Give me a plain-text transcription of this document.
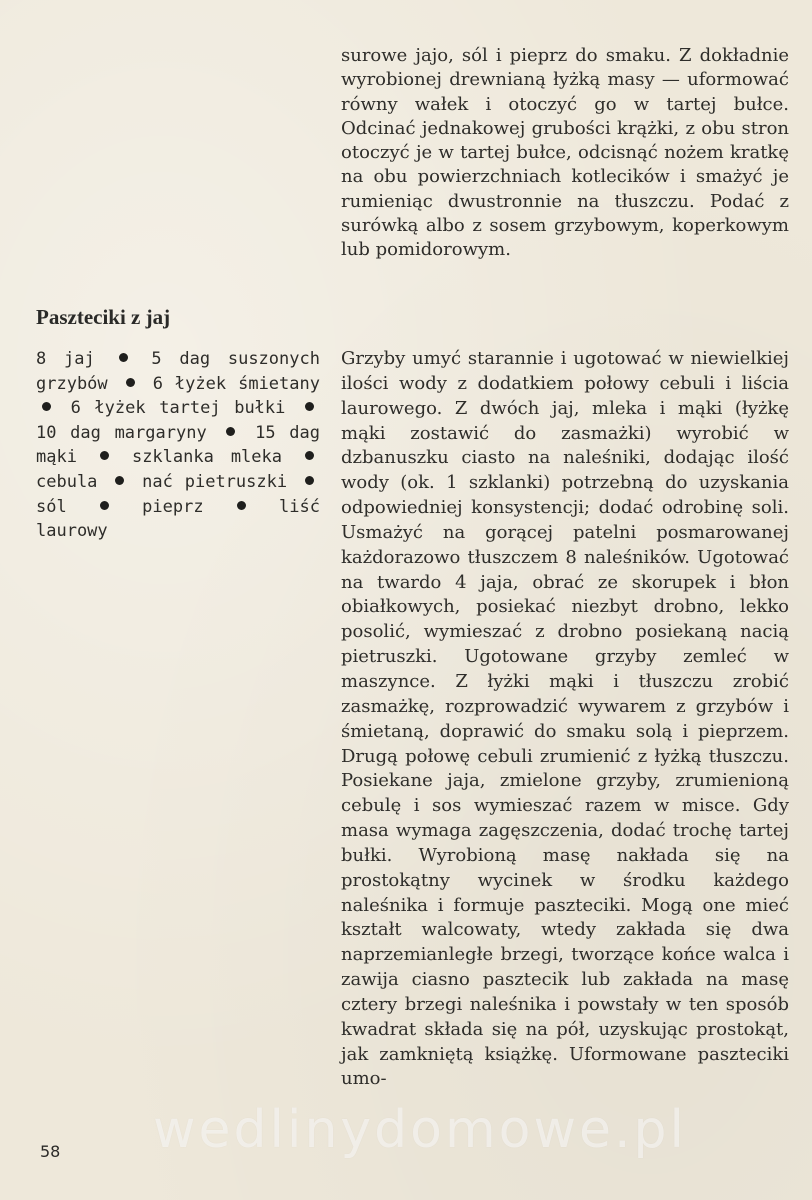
surowe jajo, sól i pieprz do smaku. Z dokładnie wyrobionej drewnianą łyżką masy — uformować równy wałek i otoczyć go w tartej bułce. Odcinać jednakowej grubości krążki, z obu stron otoczyć je w tartej bułce, odcisnąć nożem kratkę na obu powierzchniach kotlecików i smażyć je rumieniąc dwustronnie na tłuszczu. Podać z surówką albo z sosem grzybowym, koperkowym lub pomidorowym.
Paszteciki z jaj
8 jaj	5 dag suszonych grzybów	6 łyżek śmietany  6 łyżek tartej bułki  10 dag margaryny	15 dag mąki	szklanka mleka  cebula	nać pietruszki  sól	pieprz	liść laurowy
Grzyby umyć starannie i ugotować w niewielkiej ilości wody z dodatkiem połowy cebuli i liścia laurowego. Z dwóch jaj, mleka i mąki (łyżkę mąki zostawić do zasmażki) wyrobić w dzbanuszku ciasto na naleśniki, dodając ilość wody (ok. 1 szklanki) potrzebną do uzyskania odpowiedniej konsystencji; dodać odrobinę soli. Usmażyć na gorącej patelni posmarowanej każdorazowo tłuszczem 8 naleśników. Ugotować na twardo 4 jaja, obrać ze skorupek i błon obiałkowych, posiekać niezbyt drobno, lekko posolić, wymieszać z drobno posiekaną nacią pietruszki. Ugotowane grzyby zemleć w maszynce. Z łyżki mąki i tłuszczu zrobić zasmażkę, rozprowadzić wywarem z grzybów i śmietaną, doprawić do smaku solą i pieprzem. Drugą połowę cebuli zrumienić z łyżką tłuszczu. Posiekane jaja, zmielone grzyby, zrumienioną cebulę i sos wymieszać razem w misce. Gdy masa wymaga zagęszczenia, dodać trochę tartej bułki. Wyrobioną masę nakłada się na prostokątny wycinek w środku każdego naleśnika i formuje paszteciki. Mogą one mieć kształt walcowaty, wtedy zakłada się dwa naprzemianległe brzegi, tworzące końce walca i zawija ciasno pasztecik lub zakłada na masę cztery brzegi naleśnika i powstały w ten sposób kwadrat składa się na pół, uzyskując prostokąt, jak zamkniętą książkę. Uformowane paszteciki umo-
58	wedlinydomowe.pl
